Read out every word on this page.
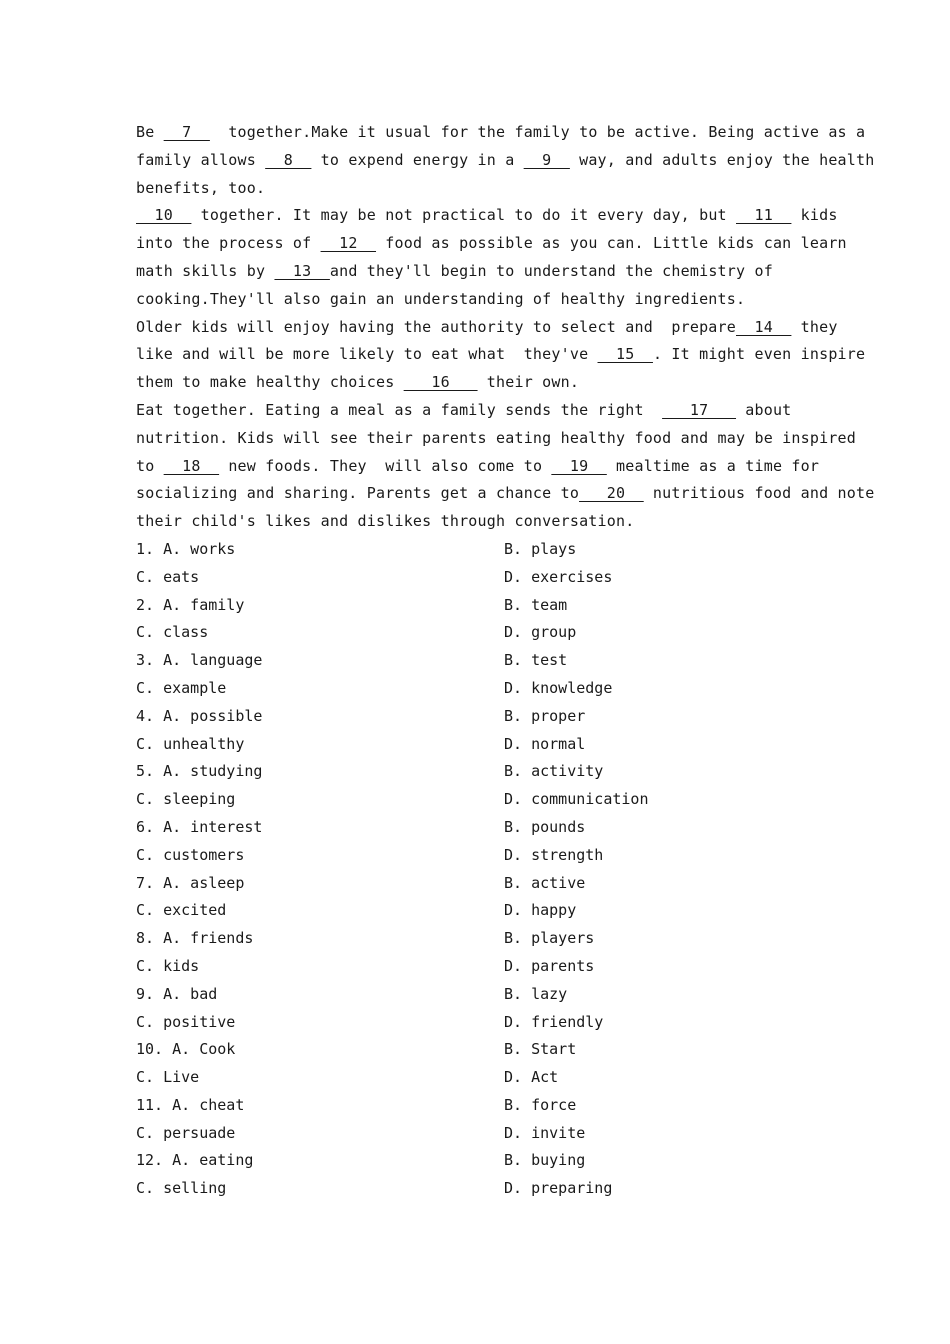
Be __7__  together.Make it usual for the family to be active. Being active as a
family allows __8__ to expend energy in a __9__ way, and adults enjoy the health
benefits, too.
__10__ together. It may be not practical to do it every day, but __11__ kids
into the process of __12__ food as possible as you can. Little kids can learn
math skills by __13__and they'll begin to understand the chemistry of
cooking.They'll also gain an understanding of healthy ingredients.
Older kids will enjoy having the authority to select and  prepare__14__ they
like and will be more likely to eat what  they've __15__. It might even inspire
them to make healthy choices ___16___ their own.
Eat together. Eating a meal as a family sends the right  ___17___ about
nutrition. Kids will see their parents eating healthy food and may be inspired
to __18__ new foods. They  will also come to __19__ mealtime as a time for
socializing and sharing. Parents get a chance to___20__ nutritious food and note
their child's likes and dislikes through conversation.
1. A. works	B. plays
C. eats	D. exercises
2. A. family	B. team
C. class	D. group
3. A. language	B. test
C. example	D. knowledge
4. A. possible	B. proper
C. unhealthy	D. normal
5. A. studying	B. activity
C. sleeping	D. communication
6. A. interest	B. pounds
C. customers	D. strength
7. A. asleep	B. active
C. excited	D. happy
8. A. friends	B. players
C. kids	D. parents
9. A. bad	B. lazy
C. positive	D. friendly
10. A. Cook	B. Start
C. Live	D. Act
11. A. cheat	B. force
C. persuade	D. invite
12. A. eating	B. buying
C. selling	D. preparing
